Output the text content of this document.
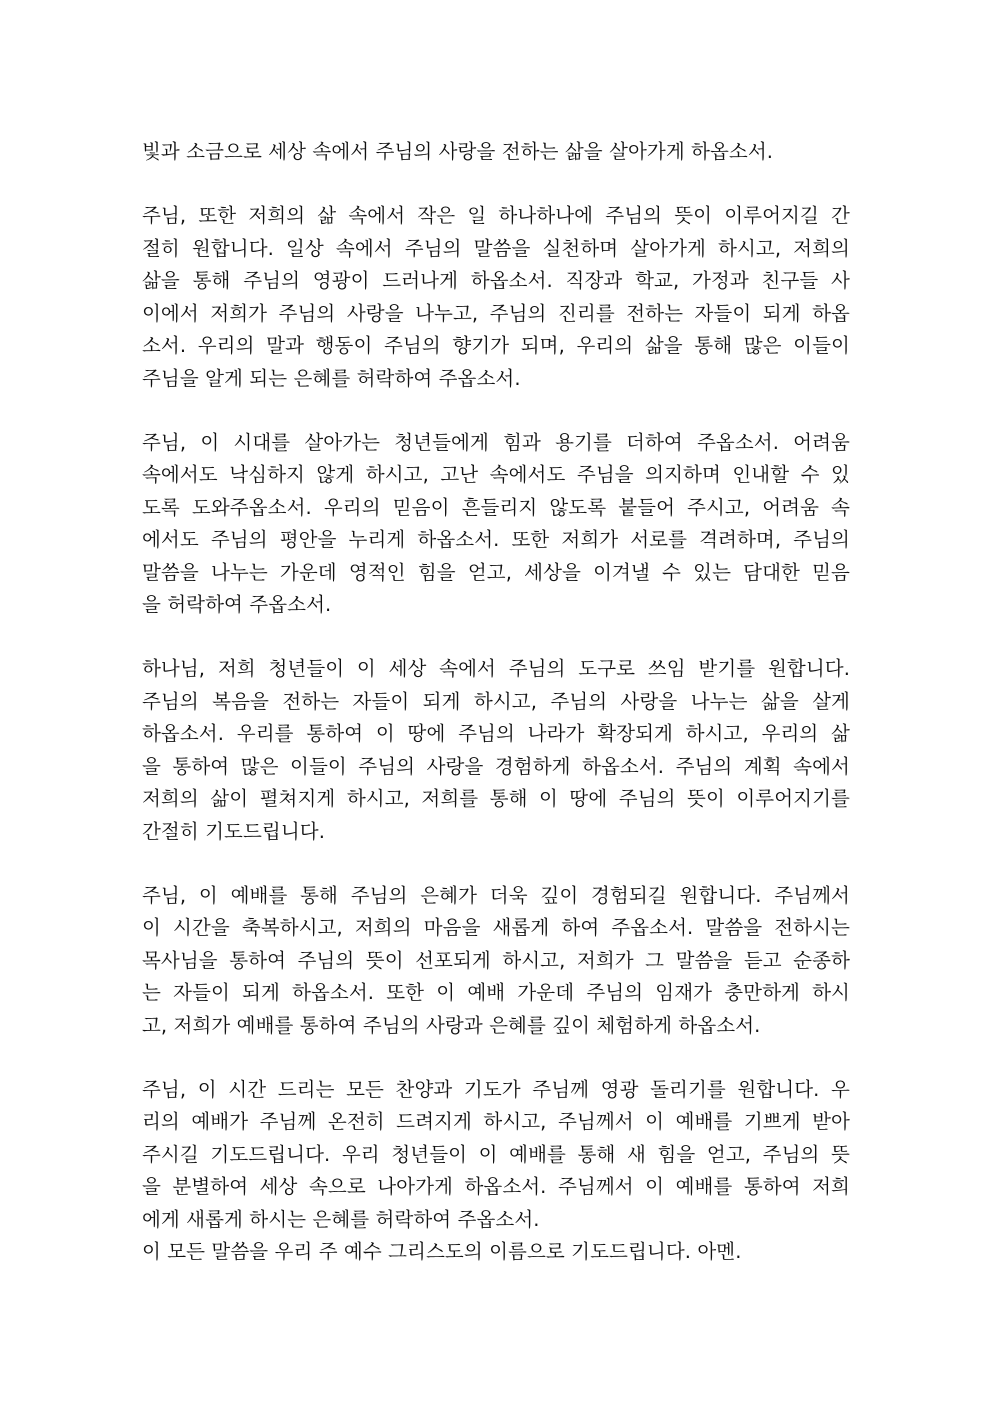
빛과 소금으로 세상 속에서 주님의 사랑을 전하는 삶을 살아가게 하옵소서.
주님, 또한 저희의 삶 속에서 작은 일 하나하나에 주님의 뜻이 이루어지길 간
절히 원합니다. 일상 속에서 주님의 말씀을 실천하며 살아가게 하시고, 저희의
삶을 통해 주님의 영광이 드러나게 하옵소서. 직장과 학교, 가정과 친구들 사
이에서 저희가 주님의 사랑을 나누고, 주님의 진리를 전하는 자들이 되게 하옵
소서. 우리의 말과 행동이 주님의 향기가 되며, 우리의 삶을 통해 많은 이들이
주님을 알게 되는 은혜를 허락하여 주옵소서.
주님, 이 시대를 살아가는 청년들에게 힘과 용기를 더하여 주옵소서. 어려움
속에서도 낙심하지 않게 하시고, 고난 속에서도 주님을 의지하며 인내할 수 있
도록 도와주옵소서. 우리의 믿음이 흔들리지 않도록 붙들어 주시고, 어려움 속
에서도 주님의 평안을 누리게 하옵소서. 또한 저희가 서로를 격려하며, 주님의
말씀을 나누는 가운데 영적인 힘을 얻고, 세상을 이겨낼 수 있는 담대한 믿음
을 허락하여 주옵소서.
하나님, 저희 청년들이 이 세상 속에서 주님의 도구로 쓰임 받기를 원합니다.
주님의 복음을 전하는 자들이 되게 하시고, 주님의 사랑을 나누는 삶을 살게
하옵소서. 우리를 통하여 이 땅에 주님의 나라가 확장되게 하시고, 우리의 삶
을 통하여 많은 이들이 주님의 사랑을 경험하게 하옵소서. 주님의 계획 속에서
저희의 삶이 펼쳐지게 하시고, 저희를 통해 이 땅에 주님의 뜻이 이루어지기를
간절히 기도드립니다.
주님, 이 예배를 통해 주님의 은혜가 더욱 깊이 경험되길 원합니다. 주님께서
이 시간을 축복하시고, 저희의 마음을 새롭게 하여 주옵소서. 말씀을 전하시는
목사님을 통하여 주님의 뜻이 선포되게 하시고, 저희가 그 말씀을 듣고 순종하
는 자들이 되게 하옵소서. 또한 이 예배 가운데 주님의 임재가 충만하게 하시
고, 저희가 예배를 통하여 주님의 사랑과 은혜를 깊이 체험하게 하옵소서.
주님, 이 시간 드리는 모든 찬양과 기도가 주님께 영광 돌리기를 원합니다. 우
리의 예배가 주님께 온전히 드려지게 하시고, 주님께서 이 예배를 기쁘게 받아
주시길 기도드립니다. 우리 청년들이 이 예배를 통해 새 힘을 얻고, 주님의 뜻
을 분별하여 세상 속으로 나아가게 하옵소서. 주님께서 이 예배를 통하여 저희
에게 새롭게 하시는 은혜를 허락하여 주옵소서.
이 모든 말씀을 우리 주 예수 그리스도의 이름으로 기도드립니다. 아멘.
